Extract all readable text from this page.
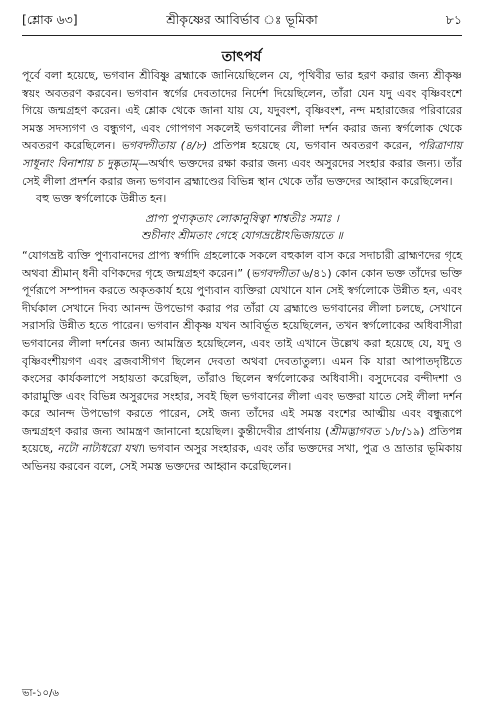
[শ্লোক ৬৩]	শ্রীকৃষ্ণের আবির্ভাব ঃ ভূমিকা	৮১
তাৎপর্য

পূর্বে বলা হয়েছে, ভগবান শ্রীবিষ্ণু ব্রহ্মাকে জানিয়েছিলেন যে, পৃথিবীর ভার হরণ করার জন্য শ্রীকৃষ্ণ স্বয়ং অবতরণ করবেন। ভগবান স্বর্গের দেবতাদের নির্দেশ দিয়েছিলেন, তাঁরা যেন যদু এবং বৃষ্ণিবংশে গিয়ে জন্মগ্রহণ করেন। এই শ্লোক থেকে জানা যায় যে, যদুবংশ, বৃষ্ণিবংশ, নন্দ মহারাজের পরিবারের সমস্ত সদস্যগণ ও বন্ধুগণ, এবং গোপগণ সকলেই ভগবানের লীলা দর্শন করার জন্য স্বর্গলোক থেকে অবতরণ করেছিলেন। ভগবদ্গীতায় (৪/৮) প্রতিপন্ন হয়েছে যে, ভগবান অবতরণ করেন, পরিত্রাণায় সাধূনাং বিনাশায় চ দুষ্কৃতাম্—অর্থাৎ ভক্তদের রক্ষা করার জন্য এবং অসুরদের সংহার করার জন্য। তাঁর সেই লীলা প্রদর্শন করার জন্য ভগবান ব্রহ্মাণ্ডের বিভিন্ন স্থান থেকে তাঁর ভক্তদের আহ্বান করেছিলেন।

বহু ভক্ত স্বর্গলোকে উন্নীত হন।

প্রাপ্য পুণ্যকৃতাং লোকানুষিত্বা শাশ্বতীঃ সমাঃ ।
শুচীনাং শ্রীমতাং গেহে যোগভ্রষ্টোঽভিজায়তে ॥

“যোগভ্রষ্ট ব্যক্তি পুণ্যবানদের প্রাপ্য স্বর্গাদি গ্রহলোকে সকলে বহুকাল বাস করে সদাচারী ব্রাহ্মণদের গৃহে অথবা শ্রীমান্ ধনী বণিকদের গৃহে জন্মগ্রহণ করেন।” (ভগবদ্গীতা ৬/৪১) কোন কোন ভক্ত তাঁদের ভক্তি পূর্ণরূপে সম্পাদন করতে অকৃতকার্য হয়ে পুণ্যবান ব্যক্তিরা যেখানে যান সেই স্বর্গলোকে উন্নীত হন, এবং দীর্ঘকাল সেখানে দিব্য আনন্দ উপভোগ করার পর তাঁরা যে ব্রহ্মাণ্ডে ভগবানের লীলা চলছে, সেখানে সরাসরি উন্নীত হতে পারেন। ভগবান শ্রীকৃষ্ণ যখন আবির্ভূত হয়েছিলেন, তখন স্বর্গলোকের অধিবাসীরা ভগবানের লীলা দর্শনের জন্য আমন্ত্রিত হয়েছিলেন, এবং তাই এখানে উল্লেখ করা হয়েছে যে, যদু ও বৃষ্ণিবংশীয়গণ এবং ব্রজবাসীগণ ছিলেন দেবতা অথবা দেবতাতুল্য। এমন কি যারা আপাতদৃষ্টিতে কংসের কার্যকলাপে সহায়তা করেছিল, তাঁরাও ছিলেন স্বর্গলোকের অধিবাসী। বসুদেবের বন্দীদশা ও কারামুক্তি এবং বিভিন্ন অসুরদের সংহার, সবই ছিল ভগবানের লীলা এবং ভক্তরা যাতে সেই লীলা দর্শন করে আনন্দ উপভোগ করতে পারেন, সেই জন্য তাঁদের এই সমস্ত বংশের আত্মীয় এবং বন্ধুরূপে জন্মগ্রহণ করার জন্য আমন্ত্রণ জানানো হয়েছিল। কুন্তীদেবীর প্রার্থনায় (শ্রীমদ্ভাগবত ১/৮/১৯) প্রতিপন্ন হয়েছে, নটো নাট্যধরো যথা। ভগবান অসুর সংহারক, এবং তাঁর ভক্তদের সখা, পুত্র ও ভ্রাতার ভূমিকায় অভিনয় করবেন বলে, সেই সমস্ত ভক্তদের আহ্বান করেছিলেন।

ভা-১০/৬
